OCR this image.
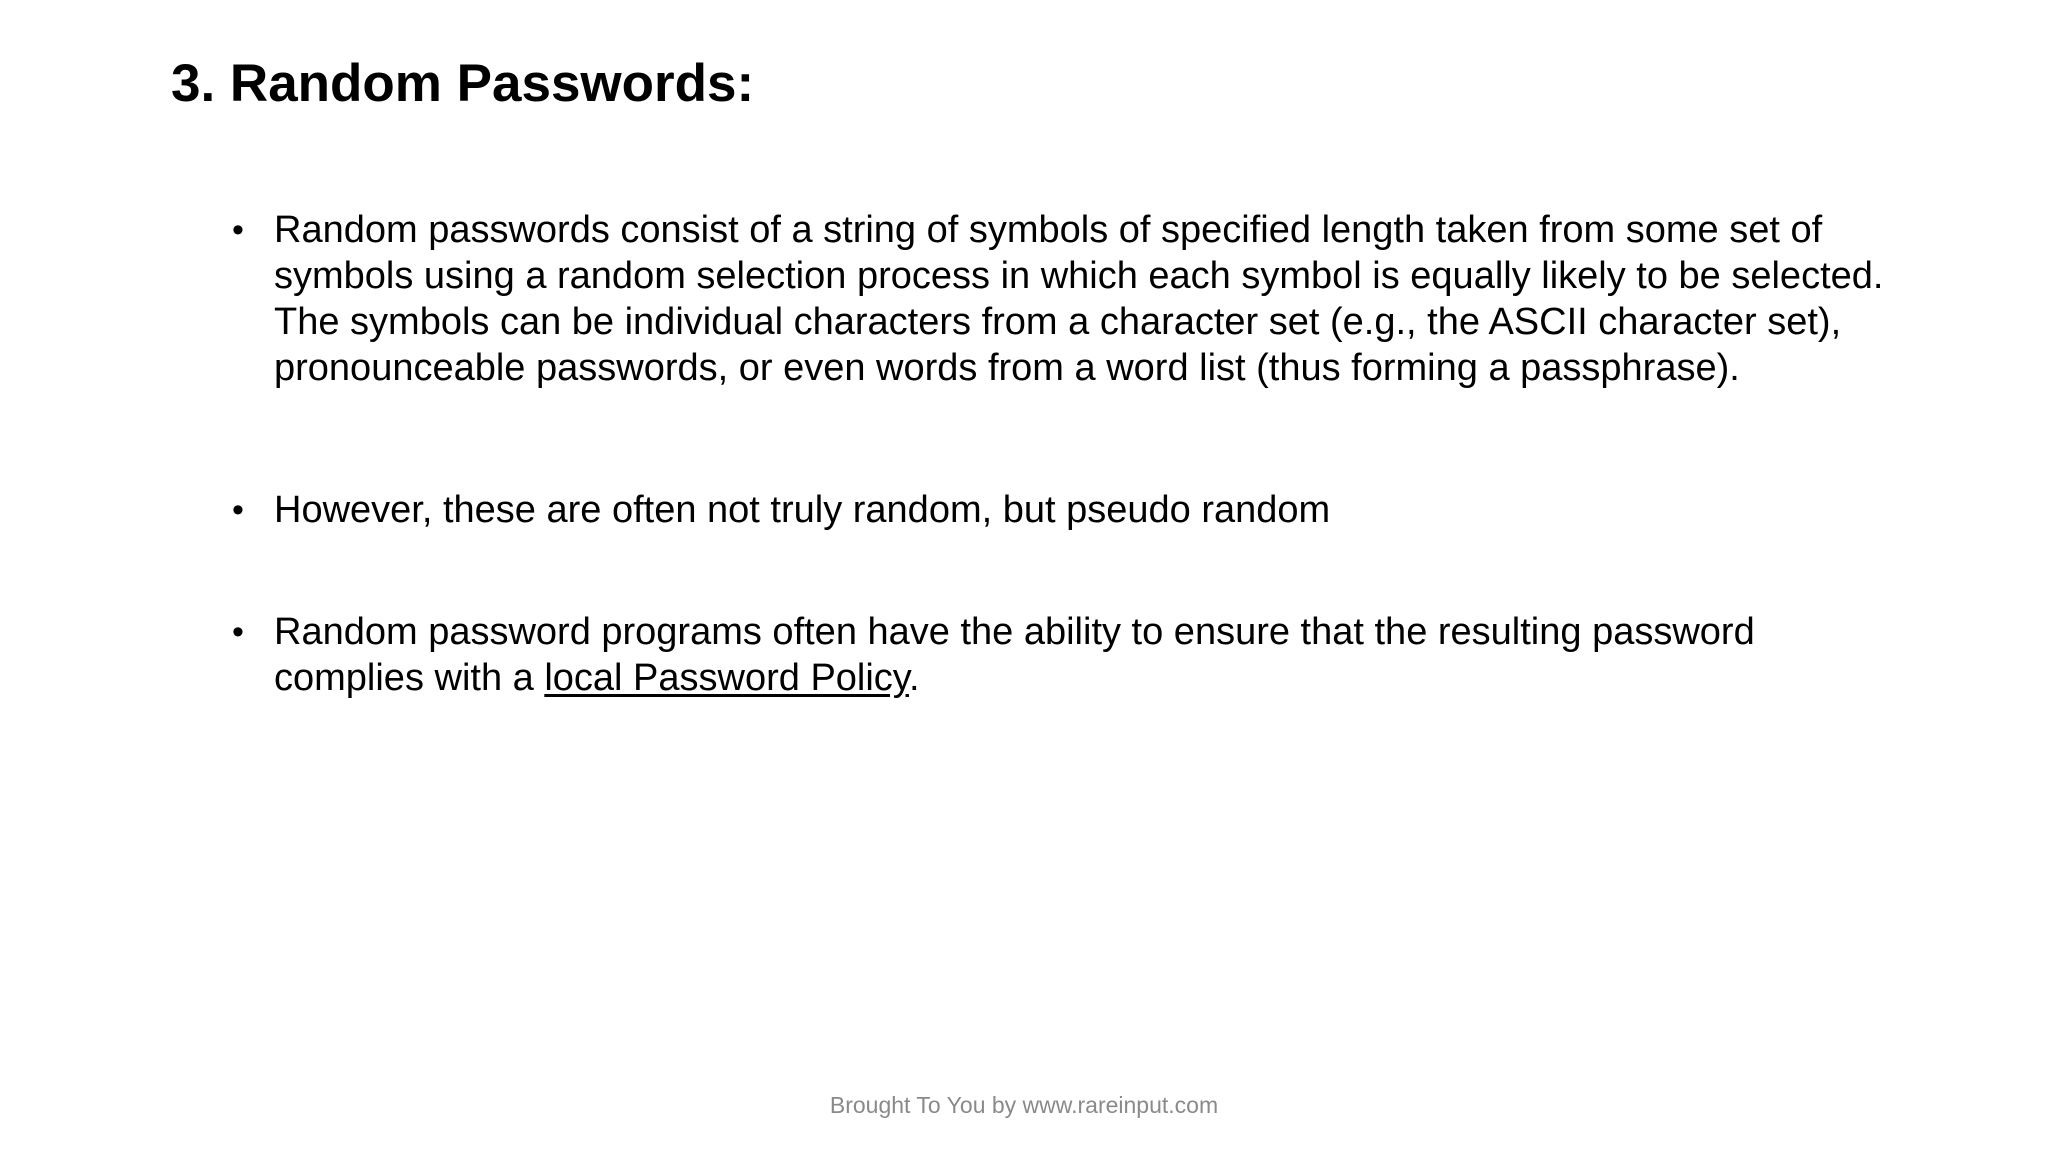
3. Random Passwords:
• Random passwords consist of a string of symbols of specified length taken from some set of symbols using a random selection process in which each symbol is equally likely to be selected. The symbols can be individual characters from a character set (e.g., the ASCII character set), pronounceable passwords, or even words from a word list (thus forming a passphrase).
• However, these are often not truly random, but pseudo random
• Random password programs often have the ability to ensure that the resulting password complies with a local Password Policy.
Brought To You by www.rareinput.com
